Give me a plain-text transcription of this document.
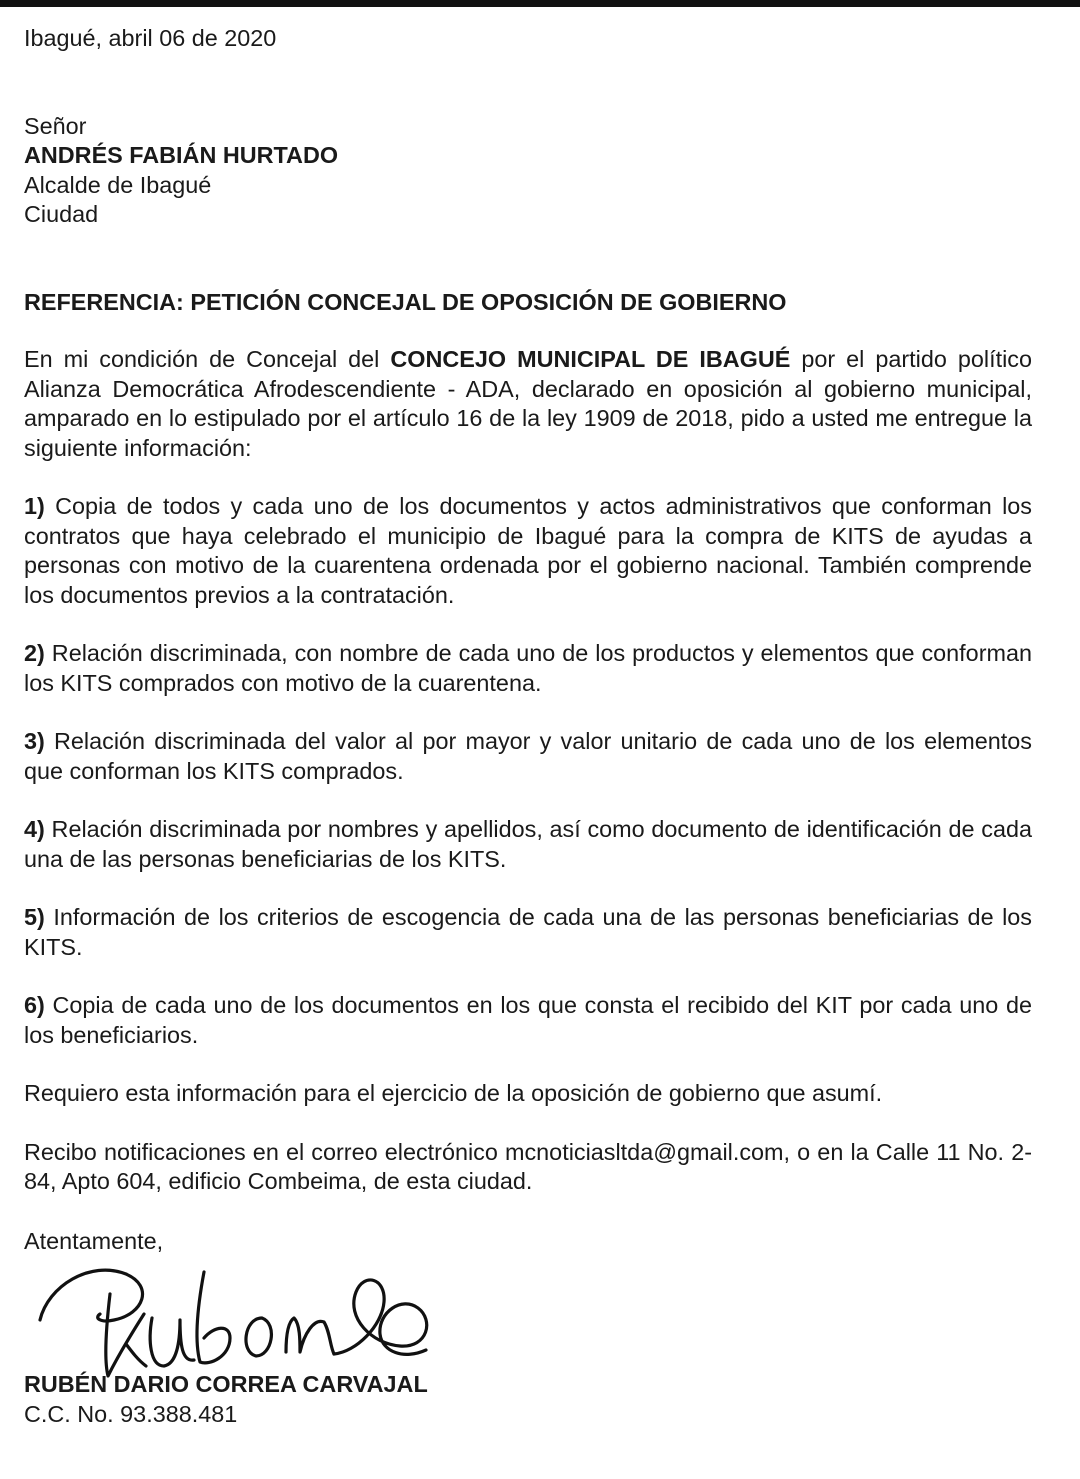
Ibagué, abril 06 de 2020

Señor
ANDRÉS FABIÁN HURTADO
Alcalde de Ibagué
Ciudad
REFERENCIA: PETICIÓN CONCEJAL DE OPOSICIÓN DE GOBIERNO

En mi condición de Concejal del CONCEJO MUNICIPAL DE IBAGUÉ por el partido político Alianza Democrática Afrodescendiente - ADA, declarado en oposición al gobierno municipal, amparado en lo estipulado por el artículo 16 de la ley 1909 de 2018, pido a usted me entregue la siguiente información:

1) Copia de todos y cada uno de los documentos y actos administrativos que conforman los contratos que haya celebrado el municipio de Ibagué para la compra de KITS de ayudas a personas con motivo de la cuarentena ordenada por el gobierno nacional. También comprende los documentos previos a la contratación.

2) Relación discriminada, con nombre de cada uno de los productos y elementos que conforman los KITS comprados con motivo de la cuarentena.

3) Relación discriminada del valor al por mayor y valor unitario de cada uno de los elementos que conforman los KITS comprados.

4) Relación discriminada por nombres y apellidos, así como documento de identificación de cada una de las personas beneficiarias de los KITS.

5) Información de los criterios de escogencia de cada una de las personas beneficiarias de los KITS.

6) Copia de cada uno de los documentos en los que consta el recibido del KIT por cada uno de los beneficiarios.

Requiero esta información para el ejercicio de la oposición de gobierno que asumí.

Recibo notificaciones en el correo electrónico mcnoticiasltda@gmail.com, o en la Calle 11 No. 2-84, Apto 604, edificio Combeima, de esta ciudad.

Atentamente,

RUBÉN DARIO CORREA CARVAJAL

C.C. No. 93.388.481
